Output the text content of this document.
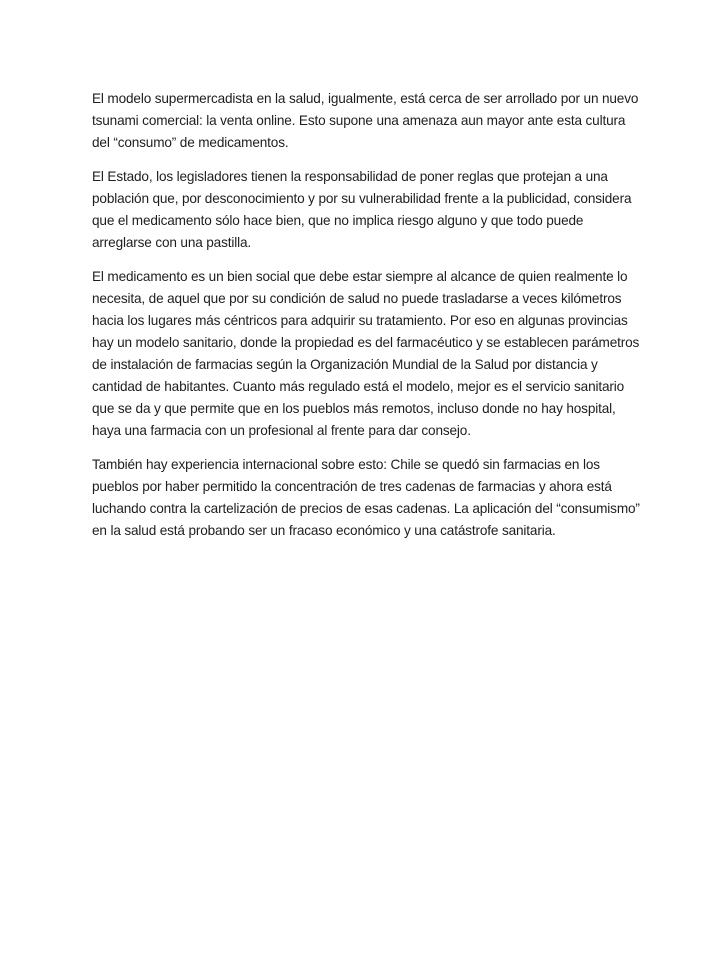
El modelo supermercadista en la salud, igualmente, está cerca de ser arrollado por un nuevo tsunami comercial: la venta online. Esto supone una amenaza aun mayor ante esta cultura del “consumo” de medicamentos.

El Estado, los legisladores tienen la responsabilidad de poner reglas que protejan a una población que, por desconocimiento y por su vulnerabilidad frente a la publicidad, considera que el medicamento sólo hace bien, que no implica riesgo alguno y que todo puede arreglarse con una pastilla.

El medicamento es un bien social que debe estar siempre al alcance de quien realmente lo necesita, de aquel que por su condición de salud no puede trasladarse a veces kilómetros hacia los lugares más céntricos para adquirir su tratamiento. Por eso en algunas provincias hay un modelo sanitario, donde la propiedad es del farmacéutico y se establecen parámetros de instalación de farmacias según la Organización Mundial de la Salud por distancia y cantidad de habitantes. Cuanto más regulado está el modelo, mejor es el servicio sanitario que se da y que permite que en los pueblos más remotos, incluso donde no hay hospital, haya una farmacia con un profesional al frente para dar consejo.

También hay experiencia internacional sobre esto: Chile se quedó sin farmacias en los pueblos por haber permitido la concentración de tres cadenas de farmacias y ahora está luchando contra la cartelización de precios de esas cadenas. La aplicación del “consumismo” en la salud está probando ser un fracaso económico y una catástrofe sanitaria.
